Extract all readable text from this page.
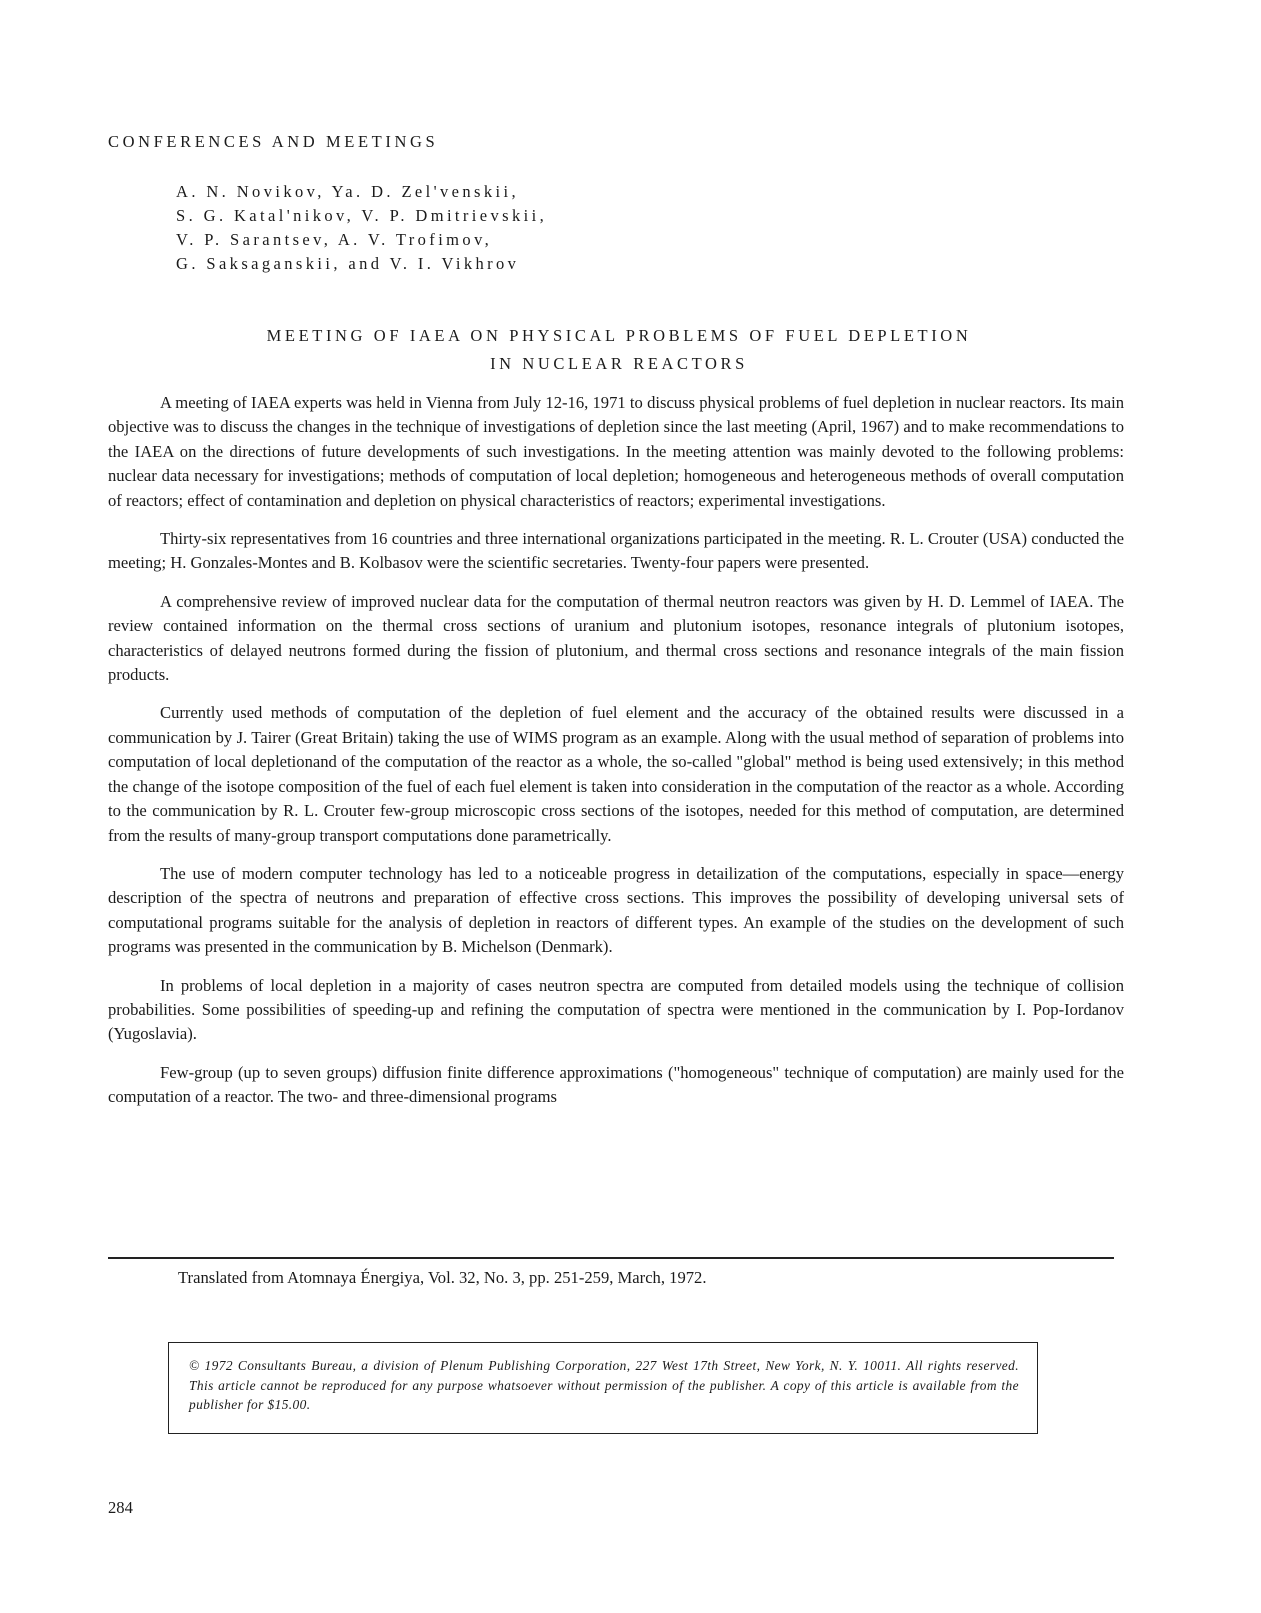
CONFERENCES AND MEETINGS
A. N. Novikov, Ya. D. Zel'venskii,
S. G. Katal'nikov, V. P. Dmitrievskii,
V. P. Sarantsev, A. V. Trofimov,
G. Saksaganskii, and V. I. Vikhrov
MEETING OF IAEA ON PHYSICAL PROBLEMS OF FUEL DEPLETION
IN NUCLEAR REACTORS

A meeting of IAEA experts was held in Vienna from July 12-16, 1971 to discuss physical problems of fuel depletion in nuclear reactors. Its main objective was to discuss the changes in the technique of investigations of depletion since the last meeting (April, 1967) and to make recommendations to the IAEA on the directions of future developments of such investigations. In the meeting attention was mainly devoted to the following problems: nuclear data necessary for investigations; methods of computation of local depletion; homogeneous and heterogeneous methods of overall computation of reactors; effect of contamination and depletion on physical characteristics of reactors; experimental investigations.

Thirty-six representatives from 16 countries and three international organizations participated in the meeting. R. L. Crouter (USA) conducted the meeting; H. Gonzales-Montes and B. Kolbasov were the scientific secretaries. Twenty-four papers were presented.

A comprehensive review of improved nuclear data for the computation of thermal neutron reactors was given by H. D. Lemmel of IAEA. The review contained information on the thermal cross sections of uranium and plutonium isotopes, resonance integrals of plutonium isotopes, characteristics of delayed neutrons formed during the fission of plutonium, and thermal cross sections and resonance integrals of the main fission products.

Currently used methods of computation of the depletion of fuel element and the accuracy of the obtained results were discussed in a communication by J. Tairer (Great Britain) taking the use of WIMS program as an example. Along with the usual method of separation of problems into computation of local depletionand of the computation of the reactor as a whole, the so-called "global" method is being used extensively; in this method the change of the isotope composition of the fuel of each fuel element is taken into consideration in the computation of the reactor as a whole. According to the communication by R. L. Crouter few-group microscopic cross sections of the isotopes, needed for this method of computation, are determined from the results of many-group transport computations done parametrically.

The use of modern computer technology has led to a noticeable progress in detailization of the computations, especially in space—energy description of the spectra of neutrons and preparation of effective cross sections. This improves the possibility of developing universal sets of computational programs suitable for the analysis of depletion in reactors of different types. An example of the studies on the development of such programs was presented in the communication by B. Michelson (Denmark).

In problems of local depletion in a majority of cases neutron spectra are computed from detailed models using the technique of collision probabilities. Some possibilities of speeding-up and refining the computation of spectra were mentioned in the communication by I. Pop-Iordanov (Yugoslavia).

Few-group (up to seven groups) diffusion finite difference approximations ("homogeneous" technique of computation) are mainly used for the computation of a reactor. The two- and three-dimensional programs

Translated from Atomnaya Énergiya, Vol. 32, No. 3, pp. 251-259, March, 1972.
© 1972 Consultants Bureau, a division of Plenum Publishing Corporation, 227 West 17th Street, New York, N. Y. 10011. All rights reserved. This article cannot be reproduced for any purpose whatsoever without permission of the publisher. A copy of this article is available from the publisher for $15.00.
284
